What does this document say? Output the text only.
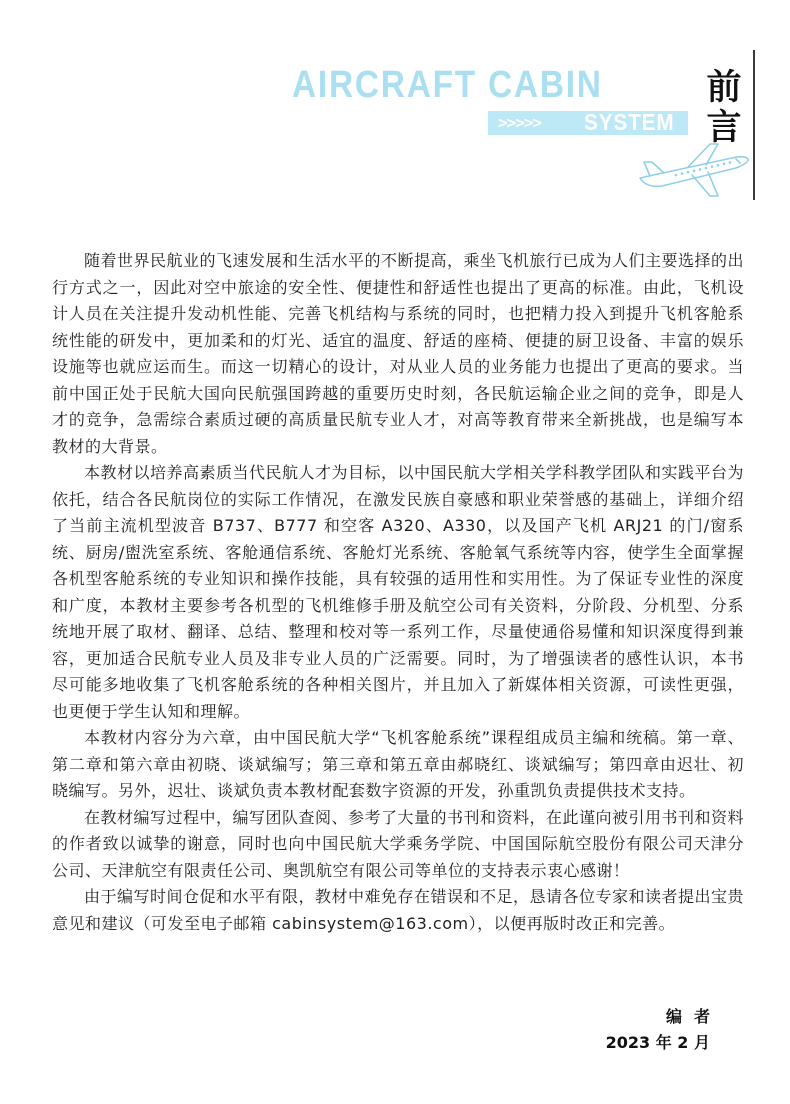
AIRCRAFT CABIN
>>>>> SYSTEM
前言

随着世界民航业的飞速发展和生活水平的不断提高，乘坐飞机旅行已成为人们主要选择的出行方式之一，因此对空中旅途的安全性、便捷性和舒适性也提出了更高的标准。由此，飞机设计人员在关注提升发动机性能、完善飞机结构与系统的同时，也把精力投入到提升飞机客舱系统性能的研发中，更加柔和的灯光、适宜的温度、舒适的座椅、便捷的厨卫设备、丰富的娱乐设施等也就应运而生。而这一切精心的设计，对从业人员的业务能力也提出了更高的要求。当前中国正处于民航大国向民航强国跨越的重要历史时刻，各民航运输企业之间的竞争，即是人才的竞争，急需综合素质过硬的高质量民航专业人才，对高等教育带来全新挑战，也是编写本教材的大背景。

本教材以培养高素质当代民航人才为目标，以中国民航大学相关学科教学团队和实践平台为依托，结合各民航岗位的实际工作情况，在激发民族自豪感和职业荣誉感的基础上，详细介绍了当前主流机型波音 B737、B777 和空客 A320、A330，以及国产飞机 ARJ21 的门/窗系统、厨房/盥洗室系统、客舱通信系统、客舱灯光系统、客舱氧气系统等内容，使学生全面掌握各机型客舱系统的专业知识和操作技能，具有较强的适用性和实用性。为了保证专业性的深度和广度，本教材主要参考各机型的飞机维修手册及航空公司有关资料，分阶段、分机型、分系统地开展了取材、翻译、总结、整理和校对等一系列工作，尽量使通俗易懂和知识深度得到兼容，更加适合民航专业人员及非专业人员的广泛需要。同时，为了增强读者的感性认识，本书尽可能多地收集了飞机客舱系统的各种相关图片，并且加入了新媒体相关资源，可读性更强，也更便于学生认知和理解。

本教材内容分为六章，由中国民航大学“飞机客舱系统”课程组成员主编和统稿。第一章、第二章和第六章由初晓、谈斌编写；第三章和第五章由郝晓红、谈斌编写；第四章由迟壮、初晓编写。另外，迟壮、谈斌负责本教材配套数字资源的开发，孙重凯负责提供技术支持。

在教材编写过程中，编写团队查阅、参考了大量的书刊和资料，在此谨向被引用书刊和资料的作者致以诚挚的谢意，同时也向中国民航大学乘务学院、中国国际航空股份有限公司天津分公司、天津航空有限责任公司、奥凯航空有限公司等单位的支持表示衷心感谢！

由于编写时间仓促和水平有限，教材中难免存在错误和不足，恳请各位专家和读者提出宝贵意见和建议（可发至电子邮箱 cabinsystem@163.com），以便再版时改正和完善。

编者
2023 年 2 月
